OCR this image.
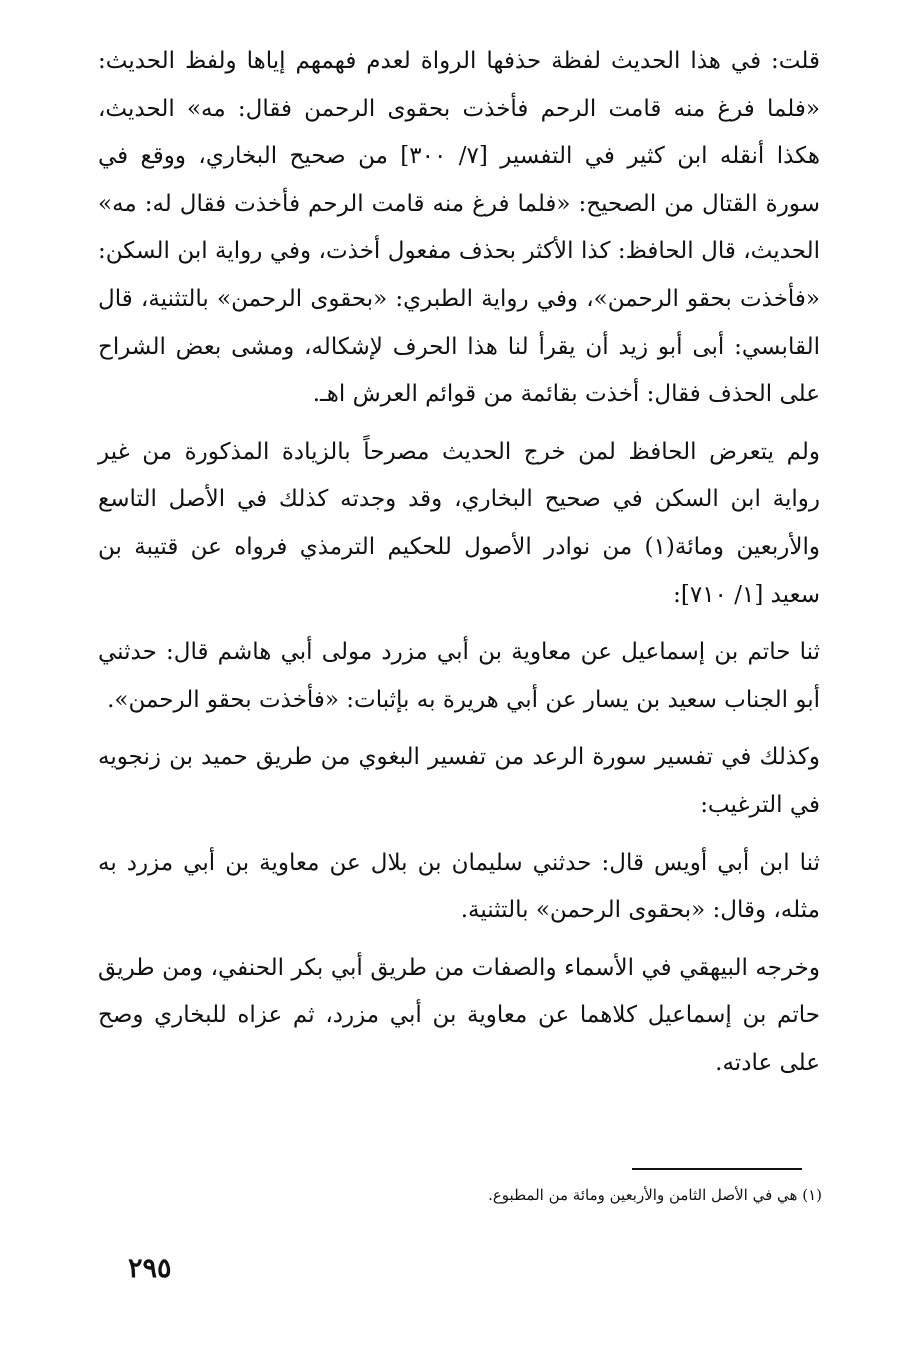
قلت: في هذا الحديث لفظة حذفها الرواة لعدم فهمهم إياها ولفظ الحديث: «فلما فرغ منه قامت الرحم فأخذت بحقوى الرحمن فقال: مه» الحديث، هكذا أنقله ابن كثير في التفسير [٧/ ٣٠٠] من صحيح البخاري، ووقع في سورة القتال من الصحيح: «فلما فرغ منه قامت الرحم فأخذت فقال له: مه» الحديث، قال الحافظ: كذا الأكثر بحذف مفعول أخذت، وفي رواية ابن السكن: «فأخذت بحقو الرحمن»، وفي رواية الطبري: «بحقوى الرحمن» بالتثنية، قال القابسي: أبى أبو زيد أن يقرأ لنا هذا الحرف لإشكاله، ومشى بعض الشراح على الحذف فقال: أخذت بقائمة من قوائم العرش اهـ.

ولم يتعرض الحافظ لمن خرج الحديث مصرحاً بالزيادة المذكورة من غير رواية ابن السكن في صحيح البخاري، وقد وجدته كذلك في الأصل التاسع والأربعين ومائة(١) من نوادر الأصول للحكيم الترمذي فرواه عن قتيبة بن سعيد [١/ ٧١٠]:

ثنا حاتم بن إسماعيل عن معاوية بن أبي مزرد مولى أبي هاشم قال: حدثني أبو الجناب سعيد بن يسار عن أبي هريرة به بإثبات: «فأخذت بحقو الرحمن».

وكذلك في تفسير سورة الرعد من تفسير البغوي من طريق حميد بن زنجويه في الترغيب:

ثنا ابن أبي أويس قال: حدثني سليمان بن بلال عن معاوية بن أبي مزرد به مثله، وقال: «بحقوى الرحمن» بالتثنية.

وخرجه البيهقي في الأسماء والصفات من طريق أبي بكر الحنفي، ومن طريق حاتم بن إسماعيل كلاهما عن معاوية بن أبي مزرد، ثم عزاه للبخاري وصح على عادته.

(١) هي في الأصل الثامن والأربعين ومائة من المطبوع.
٢٩٥
